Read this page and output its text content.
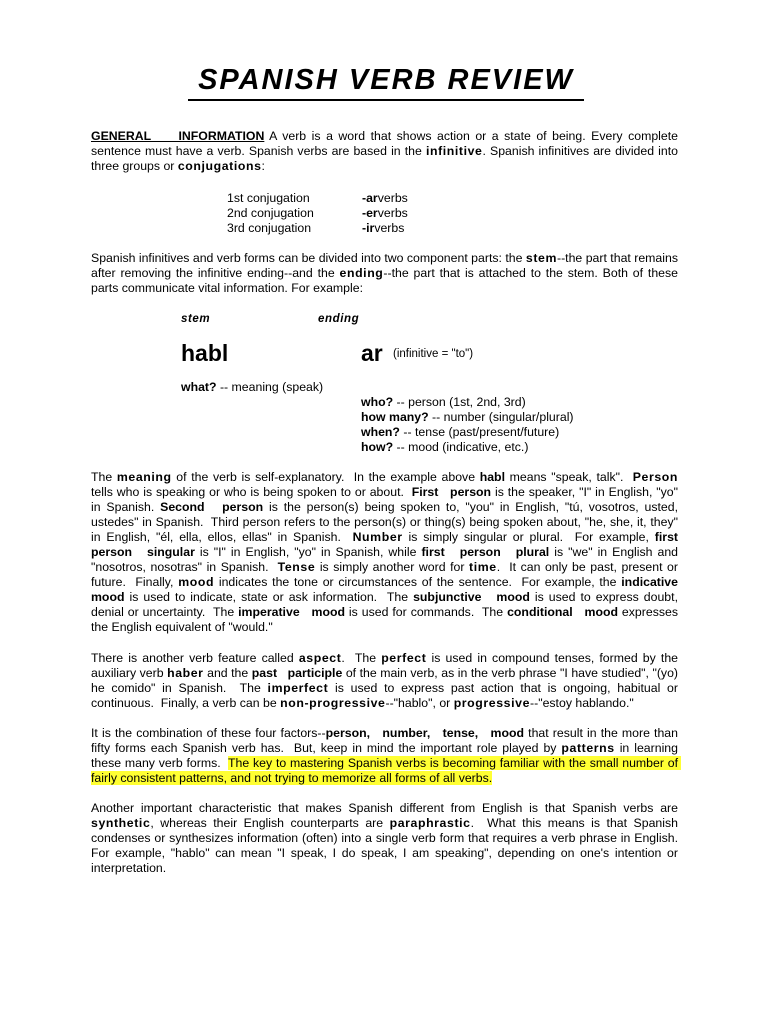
SPANISH VERB REVIEW

GENERAL     INFORMATION A verb is a word that shows action or a state of being. Every complete sentence must have a verb. Spanish verbs are based in the infinitive. Spanish infinitives are divided into three groups or conjugations:

1st conjugation	-ar verbs
2nd conjugation	-er verbs
3rd conjugation	-ir verbs

Spanish infinitives and verb forms can be divided into two component parts: the stem--the part that remains after removing the infinitive ending--and the ending--the part that is attached to the stem. Both of these parts communicate vital information. For example:

stem	ending
habl	ar (infinitive = "to")
what? -- meaning (speak)
who? -- person (1st, 2nd, 3rd)
how many? -- number (singular/plural)
when? -- tense (past/present/future)
how? -- mood (indicative, etc.)

The meaning of the verb is self-explanatory.  In the example above habl means "speak, talk".  Person tells who is speaking or who is being spoken to or about.  First   person is the speaker, "I" in English, "yo" in Spanish. Second   person is the person(s) being spoken to, "you" in English, "tú, vosotros, usted, ustedes" in Spanish.  Third person refers to the person(s) or thing(s) being spoken about, "he, she, it, they" in English, "él, ella, ellos, ellas" in Spanish.  Number is simply singular or plural.  For example, first   person   singular is "I" in English, "yo" in Spanish, while first   person   plural is "we" in English and "nosotros, nosotras" in Spanish.  Tense is simply another word for time.  It can only be past, present or future.  Finally, mood indicates the tone or circumstances of the sentence.  For example, the indicative   mood is used to indicate, state or ask information.  The subjunctive   mood is used to express doubt, denial or uncertainty.  The imperative   mood is used for commands.  The conditional   mood expresses the English equivalent of "would."

There is another verb feature called aspect.  The perfect is used in compound tenses, formed by the auxiliary verb haber and the past   participle of the main verb, as in the verb phrase "I have studied", "(yo) he comido" in Spanish.  The imperfect is used to express past action that is ongoing, habitual or continuous.  Finally, a verb can be non-progressive--"hablo", or progressive--"estoy hablando."

It is the combination of these four factors--person,   number,   tense,   mood that result in the more than fifty forms each Spanish verb has.  But, keep in mind the important role played by patterns in learning these many verb forms.  The key to mastering Spanish verbs is becoming familiar with the small number of fairly consistent patterns, and not trying to memorize all forms of all verbs.

Another important characteristic that makes Spanish different from English is that Spanish verbs are synthetic, whereas their English counterparts are paraphrastic.  What this means is that Spanish condenses or synthesizes information (often) into a single verb form that requires a verb phrase in English.  For example, "hablo" can mean "I speak, I do speak, I am speaking", depending on one's intention or interpretation.
